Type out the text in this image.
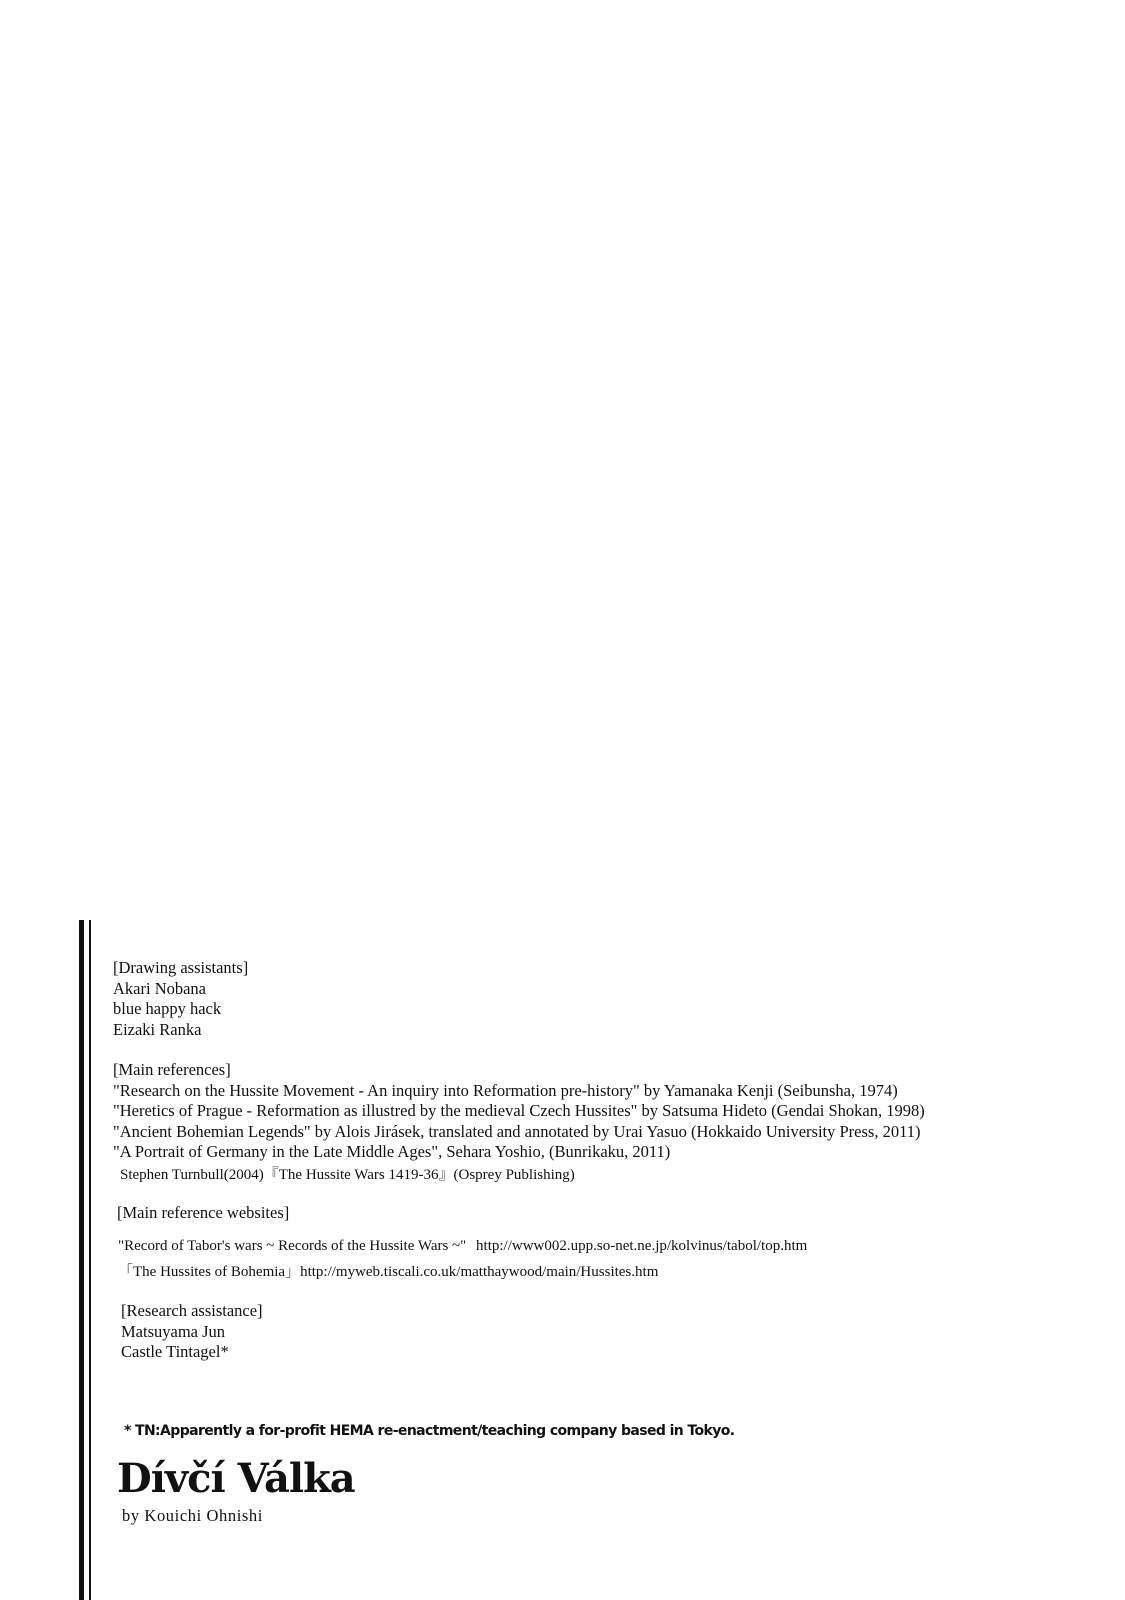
[Drawing assistants]
Akari Nobana
blue happy hack
Eizaki Ranka
[Main references]
"Research on the Hussite Movement - An inquiry into Reformation pre-history" by Yamanaka Kenji (Seibunsha, 1974)
"Heretics of Prague - Reformation as illustred by the medieval Czech Hussites" by Satsuma Hideto (Gendai Shokan, 1998)
"Ancient Bohemian Legends" by Alois Jirásek, translated and annotated by Urai Yasuo (Hokkaido University Press, 2011)
"A Portrait of Germany in the Late Middle Ages", Sehara Yoshio, (Bunrikaku, 2011)
Stephen Turnbull(2004)『The Hussite Wars 1419-36』(Osprey Publishing)
[Main reference websites]
"Record of Tabor's wars ~ Records of the Hussite Wars ~" http://www002.upp.so-net.ne.jp/kolvinus/tabol/top.htm
「The Hussites of Bohemia」http://myweb.tiscali.co.uk/matthaywood/main/Hussites.htm
[Research assistance]
Matsuyama Jun
Castle Tintagel*
* TN:Apparently a for-profit HEMA re-enactment/teaching company based in Tokyo.
Dívčí Válka
by Kouichi Ohnishi
